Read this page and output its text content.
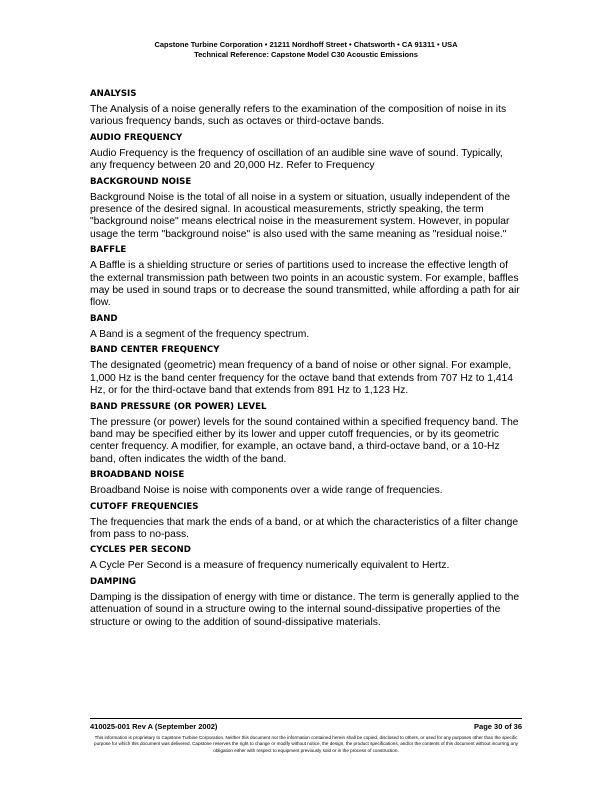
Capstone Turbine Corporation • 21211 Nordhoff Street • Chatsworth • CA 91311 • USA
Technical Reference: Capstone Model C30 Acoustic Emissions
ANALYSIS
The Analysis of a noise generally refers to the examination of the composition of noise in its various frequency bands, such as octaves or third-octave bands.
AUDIO FREQUENCY
Audio Frequency is the frequency of oscillation of an audible sine wave of sound. Typically, any frequency between 20 and 20,000 Hz. Refer to Frequency
BACKGROUND NOISE
Background Noise is the total of all noise in a system or situation, usually independent of the presence of the desired signal. In acoustical measurements, strictly speaking, the term "background noise" means electrical noise in the measurement system. However, in popular usage the term "background noise" is also used with the same meaning as "residual noise."
BAFFLE
A Baffle is a shielding structure or series of partitions used to increase the effective length of the external transmission path between two points in an acoustic system. For example, baffles may be used in sound traps or to decrease the sound transmitted, while affording a path for air flow.
BAND
A Band is a segment of the frequency spectrum.
BAND CENTER FREQUENCY
The designated (geometric) mean frequency of a band of noise or other signal. For example, 1,000 Hz is the band center frequency for the octave band that extends from 707 Hz to 1,414 Hz, or for the third-octave band that extends from 891 Hz to 1,123 Hz.
BAND PRESSURE (OR POWER) LEVEL
The pressure (or power) levels for the sound contained within a specified frequency band. The band may be specified either by its lower and upper cutoff frequencies, or by its geometric center frequency. A modifier, for example, an octave band, a third-octave band, or a 10-Hz band, often indicates the width of the band.
BROADBAND NOISE
Broadband Noise is noise with components over a wide range of frequencies.
CUTOFF FREQUENCIES
The frequencies that mark the ends of a band, or at which the characteristics of a filter change from pass to no-pass.
CYCLES PER SECOND
A Cycle Per Second is a measure of frequency numerically equivalent to Hertz.
DAMPING
Damping is the dissipation of energy with time or distance. The term is generally applied to the attenuation of sound in a structure owing to the internal sound-dissipative properties of the structure or owing to the addition of sound-dissipative materials.
410025-001 Rev A (September 2002)	Page 30 of 36
This information is proprietary to Capstone Turbine Corporation. Neither this document nor the information contained herein shall be copied, disclosed to others, or used for any purposes other than the specific purpose for which this document was delivered. Capstone reserves the right to change or modify without notice, the design, the product specifications, and/or the contents of this document without incurring any obligation either with respect to equipment previously sold or in the process of construction.
